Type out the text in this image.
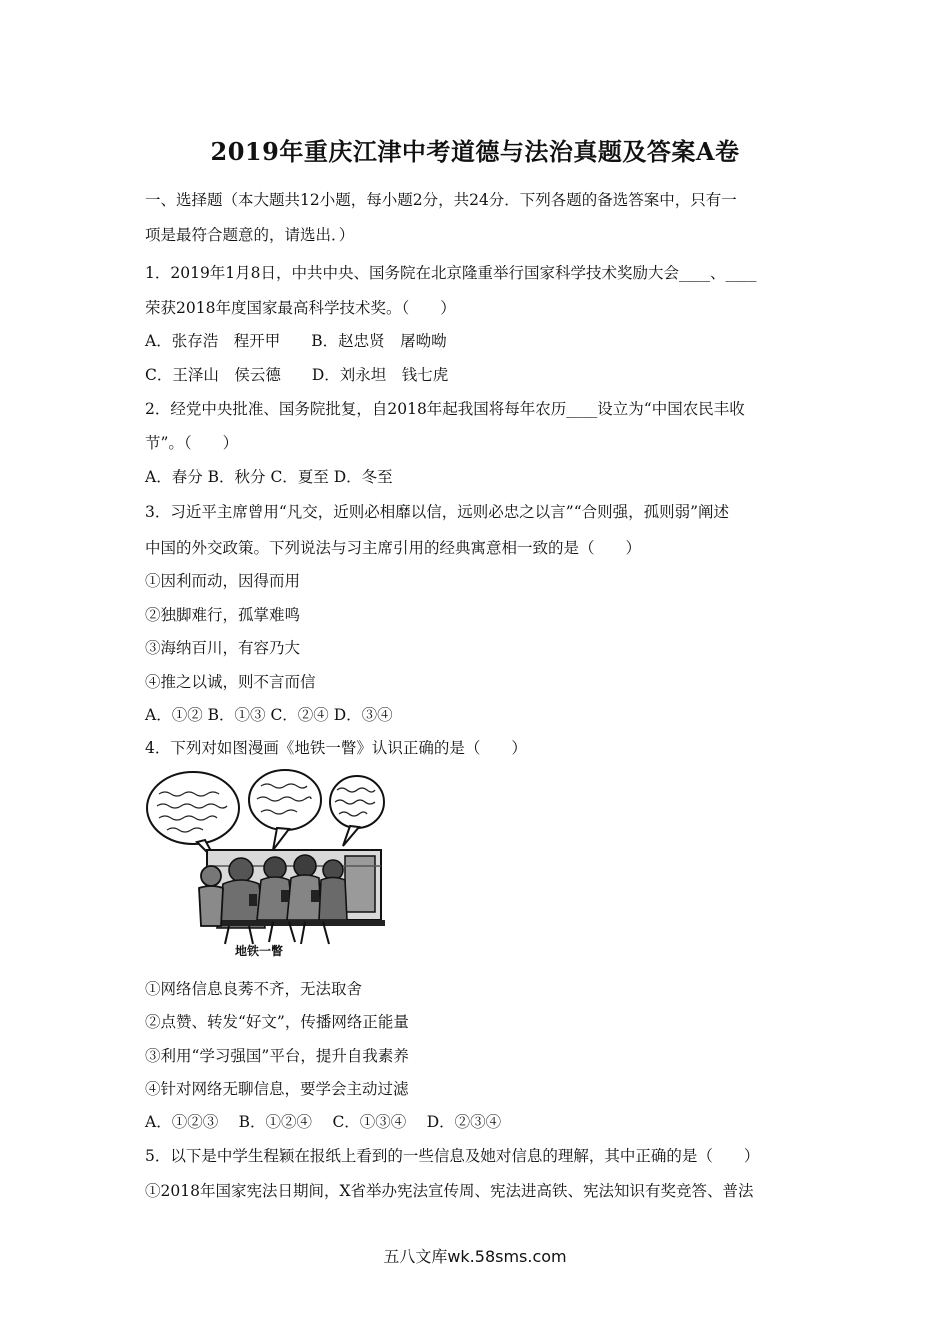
2019年重庆江津中考道德与法治真题及答案A卷
一、选择题（本大题共12小题，每小题2分，共24分．下列各题的备选答案中，只有一
项是最符合题意的，请选出．）
1．2019年1月8日，中共中央、国务院在北京隆重举行国家科学技术奖励大会____、____
荣获2018年度国家最高科学技术奖。（　　）
A．张存浩　程开甲　　B．赵忠贤　屠呦呦
C．王泽山　侯云德　　D．刘永坦　钱七虎
2．经党中央批准、国务院批复，自2018年起我国将每年农历____设立为“中国农民丰收
节”。（　　）
A．春分 B．秋分 C．夏至 D．冬至
3．习近平主席曾用“凡交，近则必相靡以信，远则必忠之以言”“合则强，孤则弱”阐述
中国的外交政策。下列说法与习主席引用的经典寓意相一致的是（　　）
①因利而动，因得而用
②独脚难行，孤掌难鸣
③海纳百川，有容乃大
④推之以诚，则不言而信
A．①② B．①③ C．②④ D．③④
4．下列对如图漫画《地铁一瞥》认识正确的是（　　）
地铁一瞥
①网络信息良莠不齐，无法取舍
②点赞、转发“好文”，传播网络正能量
③利用“学习强国”平台，提升自我素养
④针对网络无聊信息，要学会主动过滤
A．①②③　 B．①②④　 C．①③④　 D．②③④
5．以下是中学生程颖在报纸上看到的一些信息及她对信息的理解，其中正确的是（　　）
①2018年国家宪法日期间，X省举办宪法宣传周、宪法进高铁、宪法知识有奖竞答、普法
五八文库wk.58sms.com
